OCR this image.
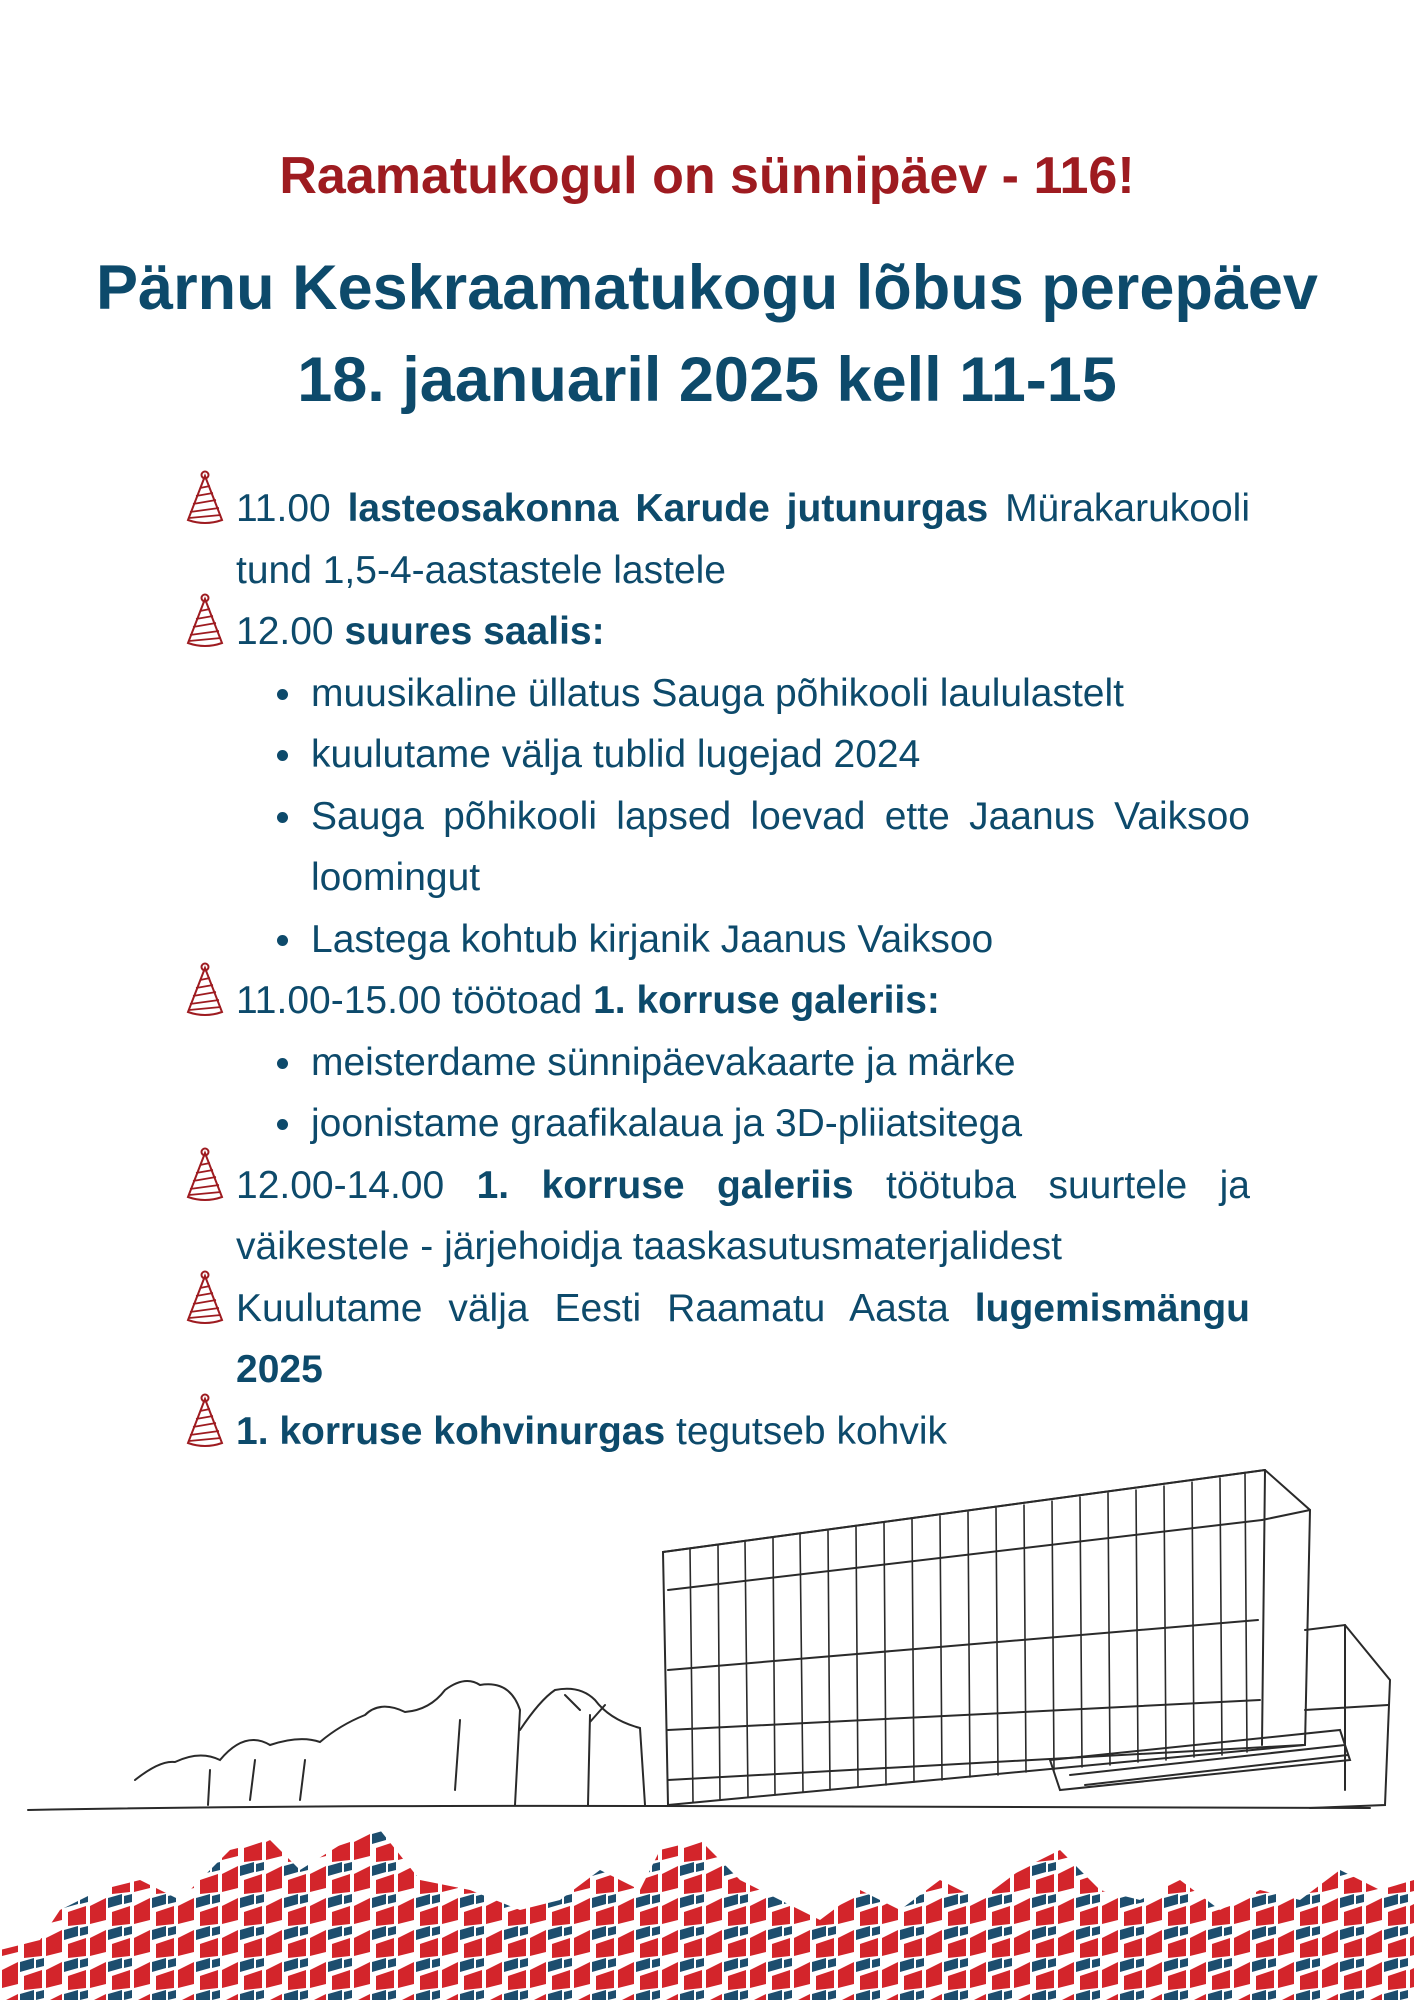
Raamatukogul on sünnipäev - 116!
Pärnu Keskraamatukogu lõbus perepäev
18. jaanuaril 2025 kell 11-15
11.00 lasteosakonna Karude jutunurgas Mürakarukooli tund 1,5-4-aastastele lastele
12.00 suures saalis:
muusikaline üllatus Sauga põhikooli laululastelt
kuulutame välja tublid lugejad 2024
Sauga põhikooli lapsed loevad ette Jaanus Vaiksoo loomingut
Lastega kohtub kirjanik Jaanus Vaiksoo
11.00-15.00 töötoad 1. korruse galeriis:
meisterdame sünnipäevakaarte ja märke
joonistame graafikalaua ja 3D-pliiatsitega
12.00-14.00 1. korruse galeriis töötuba suurtele ja väikestele - järjehoidja taaskasutusmaterjalidest
Kuulutame välja Eesti Raamatu Aasta lugemismängu 2025
1. korruse kohvinurgas tegutseb kohvik
